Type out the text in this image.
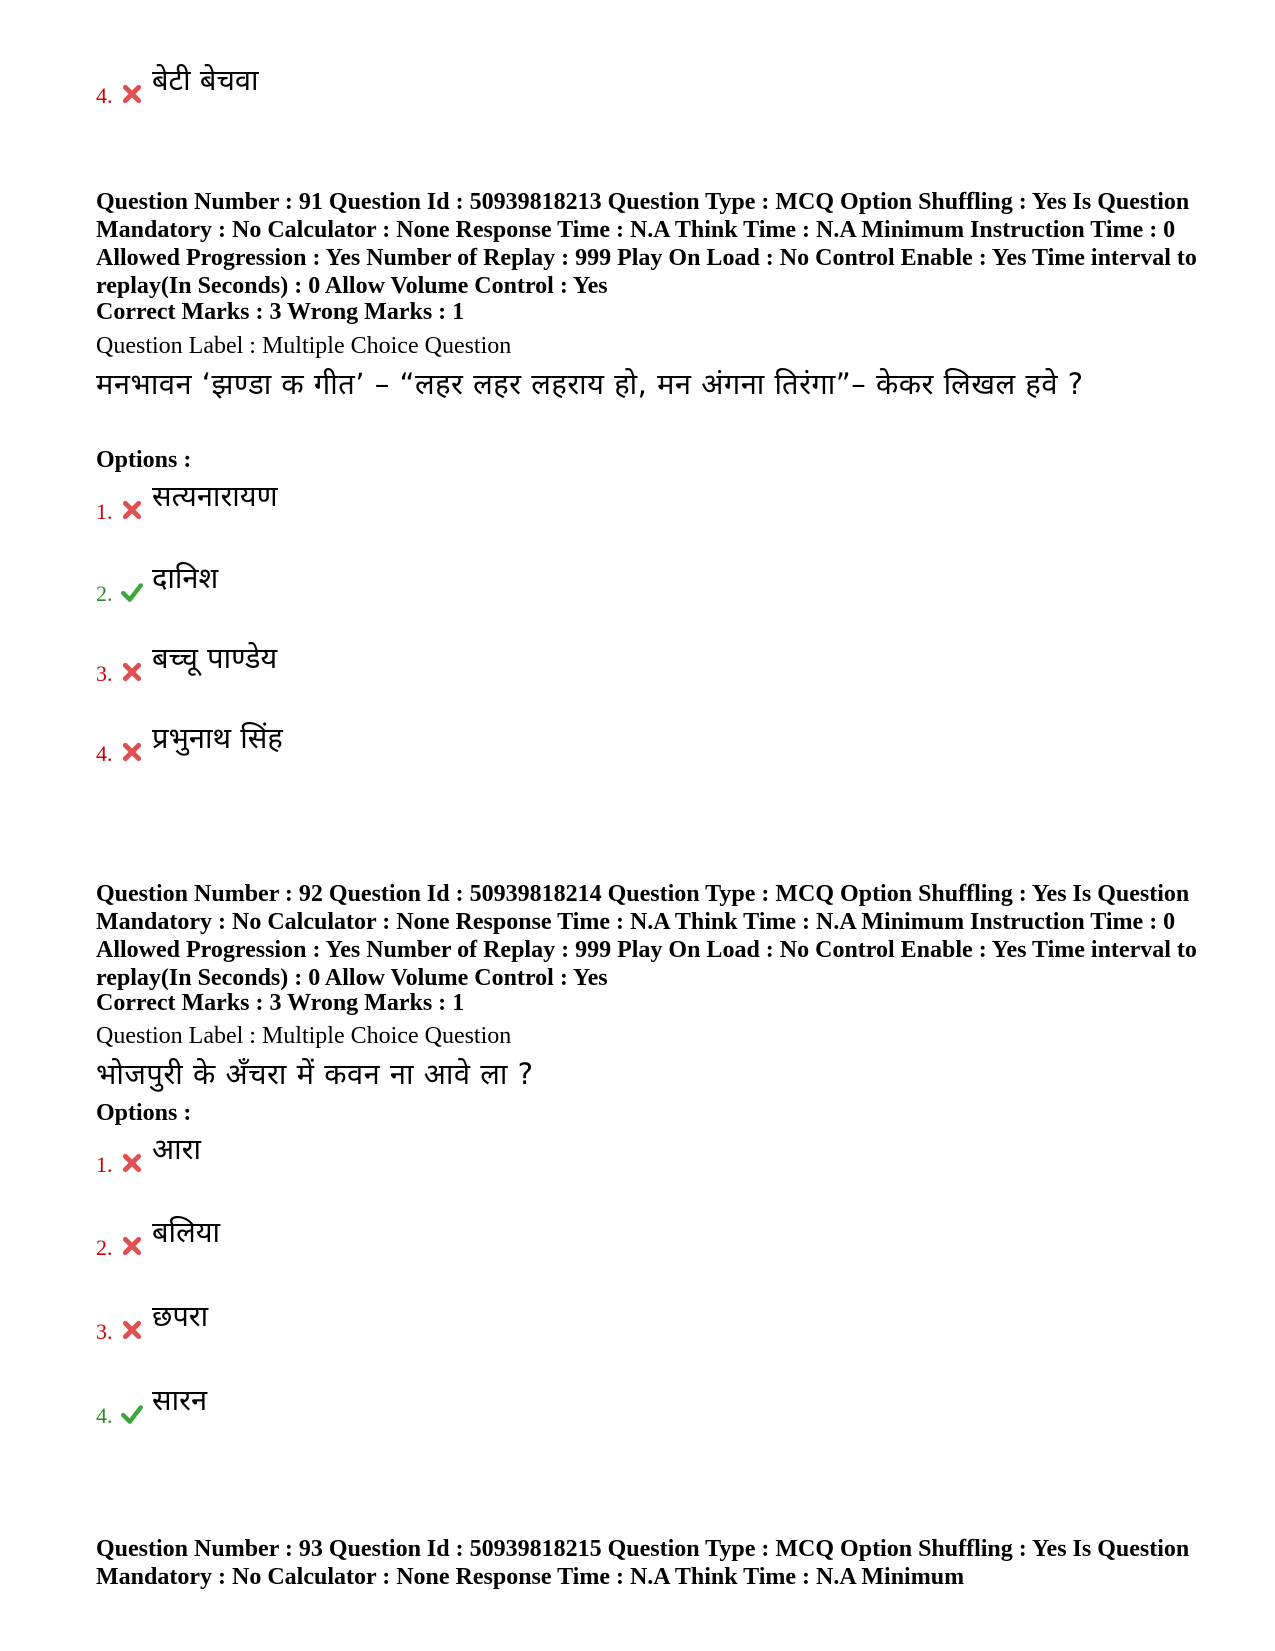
4. बेटी बेचवा
Question Number : 91 Question Id : 50939818213 Question Type : MCQ Option Shuffling : Yes Is Question Mandatory : No Calculator : None Response Time : N.A Think Time : N.A Minimum Instruction Time : 0 Allowed Progression : Yes Number of Replay : 999 Play On Load : No Control Enable : Yes Time interval to replay(In Seconds) : 0 Allow Volume Control : Yes
Correct Marks : 3 Wrong Marks : 1
Question Label : Multiple Choice Question
मनभावन ‘झण्डा क गीत’ – “लहर लहर लहराय हो, मन अंगना तिरंगा”– केकर लिखल हवे ?
Options :
1. सत्यनारायण
2. दानिश
3. बच्चू पाण्डेय
4. प्रभुनाथ सिंह
Question Number : 92 Question Id : 50939818214 Question Type : MCQ Option Shuffling : Yes Is Question Mandatory : No Calculator : None Response Time : N.A Think Time : N.A Minimum Instruction Time : 0 Allowed Progression : Yes Number of Replay : 999 Play On Load : No Control Enable : Yes Time interval to replay(In Seconds) : 0 Allow Volume Control : Yes
Correct Marks : 3 Wrong Marks : 1
Question Label : Multiple Choice Question
भोजपुरी के अँचरा में कवन ना आवे ला ?
Options :
1. आरा
2. बलिया
3. छपरा
4. सारन
Question Number : 93 Question Id : 50939818215 Question Type : MCQ Option Shuffling : Yes Is Question Mandatory : No Calculator : None Response Time : N.A Think Time : N.A Minimum
